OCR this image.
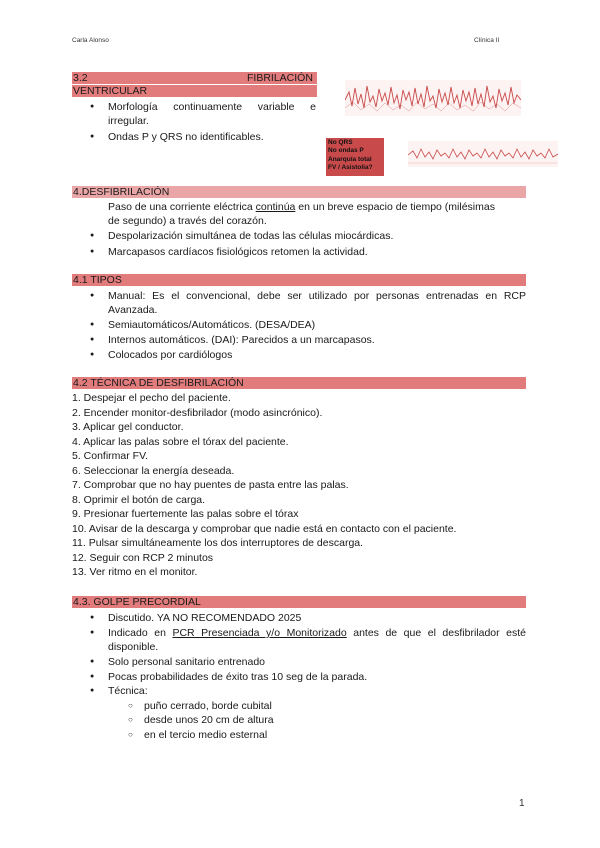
Carla Alonso	Clínica II
3.2	FIBRILACIÓN
VENTRICULAR
● Morfología continuamente variable e
irregular.
● Ondas P y QRS no identificables.	No QRS
No ondas P
Anarquía total
FV / Asistolia?
4.DESFIBRILACIÓN
Paso de una corriente eléctrica continúa en un breve espacio de tiempo (milésimas
de segundo) a través del corazón.
● Despolarización simultánea de todas las células miocárdicas.
● Marcapasos cardíacos fisiológicos retomen la actividad.
4.1 TIPOS
● Manual: Es el convencional, debe ser utilizado por personas entrenadas en RCP
Avanzada.
● Semiautomáticos/Automáticos. (DESA/DEA)
● Internos automáticos. (DAI): Parecidos a un marcapasos.
● Colocados por cardiólogos
4.2 TÉCNICA DE DESFIBRILACIÓN
1. Despejar el pecho del paciente.
2. Encender monitor-desfibrilador (modo asincrónico).
3. Aplicar gel conductor.
4. Aplicar las palas sobre el tórax del paciente.
5. Confirmar FV.
6. Seleccionar la energía deseada.
7. Comprobar que no hay puentes de pasta entre las palas.
8. Oprimir el botón de carga.
9. Presionar fuertemente las palas sobre el tórax
10. Avisar de la descarga y comprobar que nadie está en contacto con el paciente.
11. Pulsar simultáneamente los dos interruptores de descarga.
12. Seguir con RCP 2 minutos
13. Ver ritmo en el monitor.
4.3. GOLPE PRECORDIAL
● Discutido. YA NO RECOMENDADO 2025
● Indicado en PCR Presenciada y/o Monitorizado antes de que el desfibrilador esté
disponible.
● Solo personal sanitario entrenado
● Pocas probabilidades de éxito tras 10 seg de la parada.
● Técnica:
○ puño cerrado, borde cubital
○ desde unos 20 cm de altura
○ en el tercio medio esternal
1
